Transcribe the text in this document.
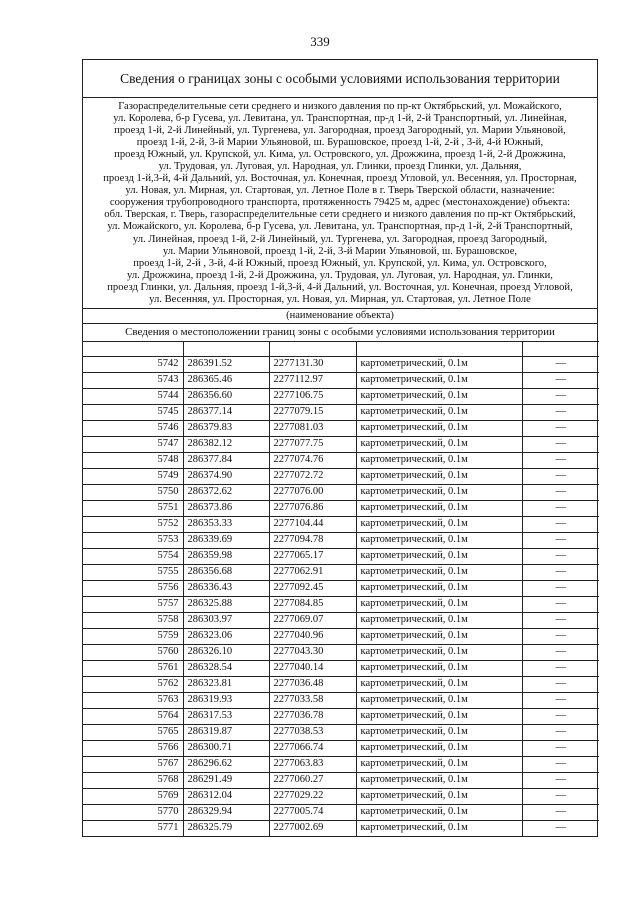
339
Сведения о границах зоны с особыми условиями использования территории
Газораспределительные сети среднего и низкого давления по пр-кт Октябрьский, ул. Можайского,
ул. Королева, б-р Гусева, ул. Левитана, ул. Транспортная, пр-д 1-й, 2-й Транспортный, ул. Линейная,
проезд 1-й, 2-й Линейный, ул. Тургенева, ул. Загородная, проезд Загородный, ул. Марии Ульяновой,
проезд 1-й, 2-й, 3-й Марии Ульяновой, ш. Бурашовское, проезд 1-й, 2-й , 3-й, 4-й Южный,
проезд Южный, ул. Крупской, ул. Кима, ул. Островского, ул. Дрожжина, проезд 1-й, 2-й Дрожжина,
ул. Трудовая, ул. Луговая, ул. Народная, ул. Глинки, проезд Глинки, ул. Дальняя,
проезд 1-й,3-й, 4-й Дальний, ул. Восточная, ул. Конечная, проезд Угловой, ул. Весенняя, ул. Просторная,
ул. Новая, ул. Мирная, ул. Стартовая, ул. Летное Поле в г. Тверь Тверской области, назначение:
сооружения трубопроводного транспорта, протяженность 79425 м, адрес (местонахождение) объекта:
обл. Тверская, г. Тверь, газораспределительные сети среднего и низкого давления по пр-кт Октябрьский,
ул. Можайского, ул. Королева, б-р Гусева, ул. Левитана, ул. Транспортная, пр-д 1-й, 2-й Транспортный,
ул. Линейная, проезд 1-й, 2-й Линейный, ул. Тургенева, ул. Загородная, проезд Загородный,
ул. Марии Ульяновой, проезд 1-й, 2-й, 3-й Марии Ульяновой, ш. Бурашовское,
проезд 1-й, 2-й , 3-й, 4-й Южный, проезд Южный, ул. Крупской, ул. Кима, ул. Островского,
ул. Дрожжина, проезд 1-й, 2-й Дрожжина, ул. Трудовая, ул. Луговая, ул. Народная, ул. Глинки,
проезд Глинки, ул. Дальняя, проезд 1-й,3-й, 4-й Дальний, ул. Восточная, ул. Конечная, проезд Угловой,
ул. Весенняя, ул. Просторная, ул. Новая, ул. Мирная, ул. Стартовая, ул. Летное Поле
(наименование объекта)
Сведения о местоположении границ зоны с особыми условиями использования территории

5742	286391.52	2277131.30	картометрический, 0.1м	—
5743	286365.46	2277112.97	картометрический, 0.1м	—
5744	286356.60	2277106.75	картометрический, 0.1м	—
5745	286377.14	2277079.15	картометрический, 0.1м	—
5746	286379.83	2277081.03	картометрический, 0.1м	—
5747	286382.12	2277077.75	картометрический, 0.1м	—
5748	286377.84	2277074.76	картометрический, 0.1м	—
5749	286374.90	2277072.72	картометрический, 0.1м	—
5750	286372.62	2277076.00	картометрический, 0.1м	—
5751	286373.86	2277076.86	картометрический, 0.1м	—
5752	286353.33	2277104.44	картометрический, 0.1м	—
5753	286339.69	2277094.78	картометрический, 0.1м	—
5754	286359.98	2277065.17	картометрический, 0.1м	—
5755	286356.68	2277062.91	картометрический, 0.1м	—
5756	286336.43	2277092.45	картометрический, 0.1м	—
5757	286325.88	2277084.85	картометрический, 0.1м	—
5758	286303.97	2277069.07	картометрический, 0.1м	—
5759	286323.06	2277040.96	картометрический, 0.1м	—
5760	286326.10	2277043.30	картометрический, 0.1м	—
5761	286328.54	2277040.14	картометрический, 0.1м	—
5762	286323.81	2277036.48	картометрический, 0.1м	—
5763	286319.93	2277033.58	картометрический, 0.1м	—
5764	286317.53	2277036.78	картометрический, 0.1м	—
5765	286319.87	2277038.53	картометрический, 0.1м	—
5766	286300.71	2277066.74	картометрический, 0.1м	—
5767	286296.62	2277063.83	картометрический, 0.1м	—
5768	286291.49	2277060.27	картометрический, 0.1м	—
5769	286312.04	2277029.22	картометрический, 0.1м	—
5770	286329.94	2277005.74	картометрический, 0.1м	—
5771	286325.79	2277002.69	картометрический, 0.1м	—
